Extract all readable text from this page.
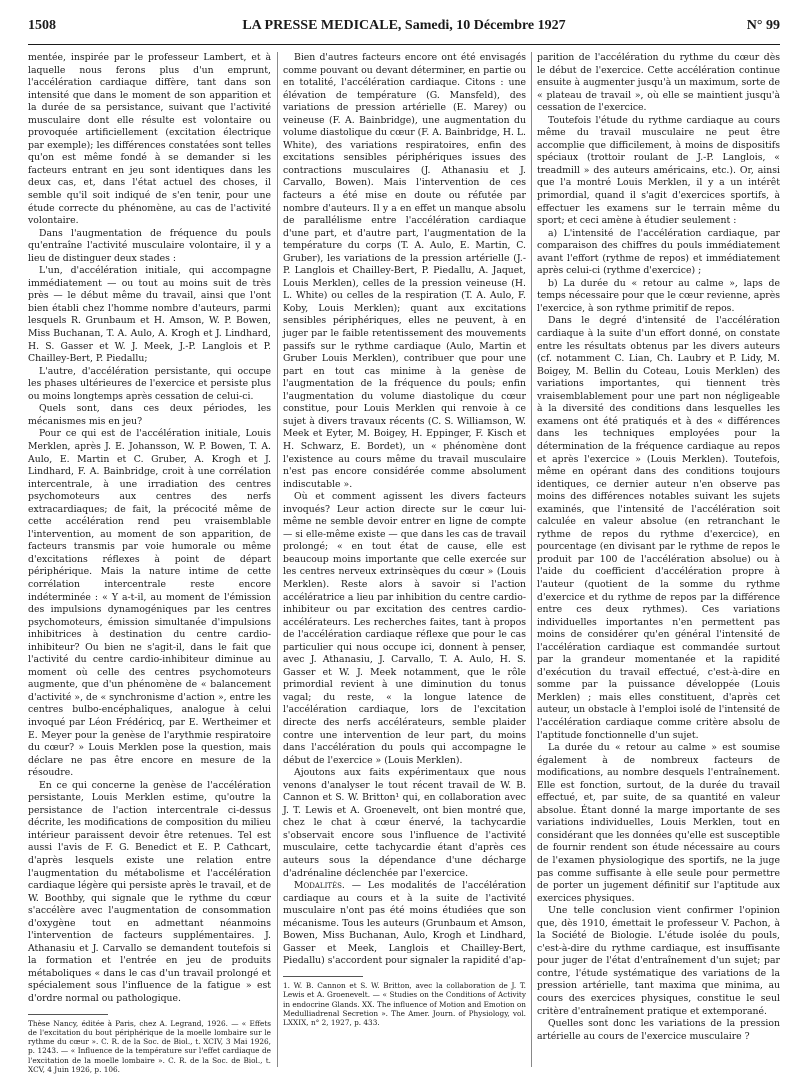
1508	LA PRESSE MEDICALE, Samedi, 10 Décembre 1927	N° 99

mentée, inspirée par le professeur Lambert, et à laquelle nous ferons plus d'un emprunt, l'accélération cardiaque diffère, tant dans son intensité que dans le moment de son apparition et la durée de sa persistance, suivant que l'activité musculaire dont elle résulte est volontaire ou provoquée artificiellement (excitation électrique par exemple); les différences constatées sont telles qu'on est même fondé à se demander si les facteurs entrant en jeu sont identiques dans les deux cas, et, dans l'état actuel des choses, il semble qu'il soit indiqué de s'en tenir, pour une étude correcte du phénomène, au cas de l'activité volontaire.

Dans l'augmentation de fréquence du pouls qu'entraîne l'activité musculaire volontaire, il y a lieu de distinguer deux stades :

L'un, d'accélération initiale, qui accompagne immédiatement — ou tout au moins suit de très près — le début même du travail, ainsi que l'ont bien établi chez l'homme nombre d'auteurs, parmi lesquels R. Grunbaum et H. Amson, W. P. Bowen, Miss Buchanan, T. A. Aulo, A. Krogh et J. Lindhard, H. S. Gasser et W. J. Meek, J.-P. Langlois et P. Chailley-Bert, P. Piedallu;

L'autre, d'accélération persistante, qui occupe les phases ultérieures de l'exercice et persiste plus ou moins longtemps après cessation de celui-ci.

Quels sont, dans ces deux périodes, les mécanismes mis en jeu?

Pour ce qui est de l'accélération initiale, Louis Merklen, après J. E. Johansson, W. P. Bowen, T. A. Aulo, E. Martin et C. Gruber, A. Krogh et J. Lindhard, F. A. Bainbridge, croit à une corrélation intercentrale, à une irradiation des centres psychomoteurs aux centres des nerfs extracardiaques; de fait, la précocité même de cette accélération rend peu vraisemblable l'intervention, au moment de son apparition, de facteurs transmis par voie humorale ou même d'excitations réflexes à point de départ périphérique. Mais la nature intime de cette corrélation intercentrale reste encore indéterminée : « Y a-t-il, au moment de l'émission des impulsions dynamogéniques par les centres psychomoteurs, émission simultanée d'impulsions inhibitrices à destination du centre cardio-inhibiteur? Ou bien ne s'agit-il, dans le fait que l'activité du centre cardio-inhibiteur diminue au moment où celle des centres psychomoteurs augmente, que d'un phénomène de « balancement d'activité », de « synchronisme d'action », entre les centres bulbo-encéphaliques, analogue à celui invoqué par Léon Frédéricq, par E. Wertheimer et E. Meyer pour la genèse de l'arythmie respiratoire du cœur? » Louis Merklen pose la question, mais déclare ne pas être encore en mesure de la résoudre.

En ce qui concerne la genèse de l'accélération persistante, Louis Merklen estime, qu'outre la persistance de l'action intercentrale ci-dessus décrite, les modifications de composition du milieu intérieur paraissent devoir être retenues. Tel est aussi l'avis de F. G. Benedict et E. P. Cathcart, d'après lesquels existe une relation entre l'augmentation du métabolisme et l'accélération cardiaque légère qui persiste après le travail, et de W. Boothby, qui signale que le rythme du cœur s'accélère avec l'augmentation de consommation d'oxygène tout en admettant néanmoins l'intervention de facteurs supplémentaires. J. Athanasiu et J. Carvallo se demandent toutefois si la formation et l'entrée en jeu de produits métaboliques « dans le cas d'un travail prolongé et spécialement sous l'influence de la fatigue » est d'ordre normal ou pathologique.

Thèse Nancy, éditée à Paris, chez A. Legrand, 1926. — « Effets de l'excitation du bout périphérique de la moelle lombaire sur le rythme du cœur ». C. R. de la Soc. de Biol., t. XCIV, 3 Mai 1926, p. 1243. — « Influence de la température sur l'effet cardiaque de l'excitation de la moelle lombaire ». C. R. de la Soc. de Biol., t. XCV, 4 Juin 1926, p. 106.

Bien d'autres facteurs encore ont été envisagés comme pouvant ou devant déterminer, en partie ou en totalité, l'accélération cardiaque. Citons : une élévation de température (G. Mansfeld), des variations de pression artérielle (E. Marey) ou veineuse (F. A. Bainbridge), une augmentation du volume diastolique du cœur (F. A. Bainbridge, H. L. White), des variations respiratoires, enfin des excitations sensibles périphériques issues des contractions musculaires (J. Athanasiu et J. Carvallo, Bowen). Mais l'intervention de ces facteurs a été mise en doute ou réfutée par nombre d'auteurs. Il y a en effet un manque absolu de parallélisme entre l'accélération cardiaque d'une part, et d'autre part, l'augmentation de la température du corps (T. A. Aulo, E. Martin, C. Gruber), les variations de la pression artérielle (J.-P. Langlois et Chailley-Bert, P. Piedallu, A. Jaquet, Louis Merklen), celles de la pression veineuse (H. L. White) ou celles de la respiration (T. A. Aulo, F. Koby, Louis Merklen); quant aux excitations sensibles périphériques, elles ne peuvent, à en juger par le faible retentissement des mouvements passifs sur le rythme cardiaque (Aulo, Martin et Gruber Louis Merklen), contribuer que pour une part en tout cas minime à la genèse de l'augmentation de la fréquence du pouls; enfin l'augmentation du volume diastolique du cœur constitue, pour Louis Merklen qui renvoie à ce sujet à divers travaux récents (C. S. Williamson, W. Meek et Eyter, M. Boigey, H. Eppinger, F. Kisch et H. Schwarz, E. Bordet), un « phénomène dont l'existence au cours même du travail musculaire n'est pas encore considérée comme absolument indiscutable ».

Où et comment agissent les divers facteurs invoqués? Leur action directe sur le cœur lui-même ne semble devoir entrer en ligne de compte — si elle-même existe — que dans les cas de travail prolongé; « en tout état de cause, elle est beaucoup moins importante que celle exercée sur les centres nerveux extrinsèques du cœur » (Louis Merklen). Reste alors à savoir si l'action accélératrice a lieu par inhibition du centre cardio-inhibiteur ou par excitation des centres cardio-accélérateurs. Les recherches faites, tant à propos de l'accélération cardiaque réflexe que pour le cas particulier qui nous occupe ici, donnent à penser, avec J. Athanasiu, J. Carvallo, T. A. Aulo, H. S. Gasser et W. J. Meek notamment, que le rôle primordial revient à une diminution du tonus vagal; du reste, « la longue latence de l'accélération cardiaque, lors de l'excitation directe des nerfs accélérateurs, semble plaider contre une intervention de leur part, du moins dans l'accélération du pouls qui accompagne le début de l'exercice » (Louis Merklen).

Ajoutons aux faits expérimentaux que nous venons d'analyser le tout récent travail de W. B. Cannon et S. W. Britton¹ qui, en collaboration avec J. T. Lewis et A. Groenevelt, ont bien montré que, chez le chat à cœur énervé, la tachycardie s'observait encore sous l'influence de l'activité musculaire, cette tachycardie étant d'après ces auteurs sous la dépendance d'une décharge d'adrénaline déclenchée par l'exercice.

Modalités. — Les modalités de l'accélération cardiaque au cours et à la suite de l'activité musculaire n'ont pas été moins étudiées que son mécanisme. Tous les auteurs (Grunbaum et Amson, Bowen, Miss Buchanan, Aulo, Krogh et Lindhard, Gasser et Meek, Langlois et Chailley-Bert, Piedallu) s'accordent pour signaler la rapidité d'ap-

1. W. B. Cannon et S. W. Britton, avec la collaboration de J. T. Lewis et A. Groenevelt. — « Studies on the Conditions of Activity in endocrine Glands. XX. The influence of Motion and Emotion on Medulliadrenal Secretion ». The Amer. Journ. of Physiology, vol. LXXIX, n° 2, 1927, p. 433.

parition de l'accélération du rythme du cœur dès le début de l'exercice. Cette accélération continue ensuite à augmenter jusqu'à un maximum, sorte de « plateau de travail », où elle se maintient jusqu'à cessation de l'exercice.

Toutefois l'étude du rythme cardiaque au cours même du travail musculaire ne peut être accomplie que difficilement, à moins de dispositifs spéciaux (trottoir roulant de J.-P. Langlois, « treadmill » des auteurs américains, etc.). Or, ainsi que l'a montré Louis Merklen, il y a un intérêt primordial, quand il s'agit d'exercices sportifs, à effectuer les examens sur le terrain même du sport; et ceci amène à étudier seulement :

a) L'intensité de l'accélération cardiaque, par comparaison des chiffres du pouls immédiatement avant l'effort (rythme de repos) et immédiatement après celui-ci (rythme d'exercice) ;

b) La durée du « retour au calme », laps de temps nécessaire pour que le cœur revienne, après l'exercice, à son rythme primitif de repos.

Dans le degré d'intensité de l'accélération cardiaque à la suite d'un effort donné, on constate entre les résultats obtenus par les divers auteurs (cf. notamment C. Lian, Ch. Laubry et P. Lidy, M. Boigey, M. Bellin du Coteau, Louis Merklen) des variations importantes, qui tiennent très vraisemblablement pour une part non négligeable à la diversité des conditions dans lesquelles les examens ont été pratiqués et à des « différences dans les techniques employées pour la détermination de la fréquence cardiaque au repos et après l'exercice » (Louis Merklen). Toutefois, même en opérant dans des conditions toujours identiques, ce dernier auteur n'en observe pas moins des différences notables suivant les sujets examinés, que l'intensité de l'accélération soit calculée en valeur absolue (en retranchant le rythme de repos du rythme d'exercice), en pourcentage (en divisant par le rythme de repos le produit par 100 de l'accélération absolue) ou à l'aide du coefficient d'accélération propre à l'auteur (quotient de la somme du rythme d'exercice et du rythme de repos par la différence entre ces deux rythmes). Ces variations individuelles importantes n'en permettent pas moins de considérer qu'en général l'intensité de l'accélération cardiaque est commandée surtout par la grandeur momentanée et la rapidité d'exécution du travail effectué, c'est-à-dire en somme par la puissance développée (Louis Merklen) ; mais elles constituent, d'après cet auteur, un obstacle à l'emploi isolé de l'intensité de l'accélération cardiaque comme critère absolu de l'aptitude fonctionnelle d'un sujet.

La durée du « retour au calme » est soumise également à de nombreux facteurs de modifications, au nombre desquels l'entraînement. Elle est fonction, surtout, de la durée du travail effectué, et, par suite, de sa quantité en valeur absolue. Étant donné la marge importante de ses variations individuelles, Louis Merklen, tout en considérant que les données qu'elle est susceptible de fournir rendent son étude nécessaire au cours de l'examen physiologique des sportifs, ne la juge pas comme suffisante à elle seule pour permettre de porter un jugement définitif sur l'aptitude aux exercices physiques.

Une telle conclusion vient confirmer l'opinion que, dès 1910, émettait le professeur V. Pachon, à la Société de Biologie. L'étude isolée du pouls, c'est-à-dire du rythme cardiaque, est insuffisante pour juger de l'état d'entraînement d'un sujet; par contre, l'étude systématique des variations de la pression artérielle, tant maxima que minima, au cours des exercices physiques, constitue le seul critère d'entraînement pratique et extemporané.

Quelles sont donc les variations de la pression artérielle au cours de l'exercice musculaire ?
